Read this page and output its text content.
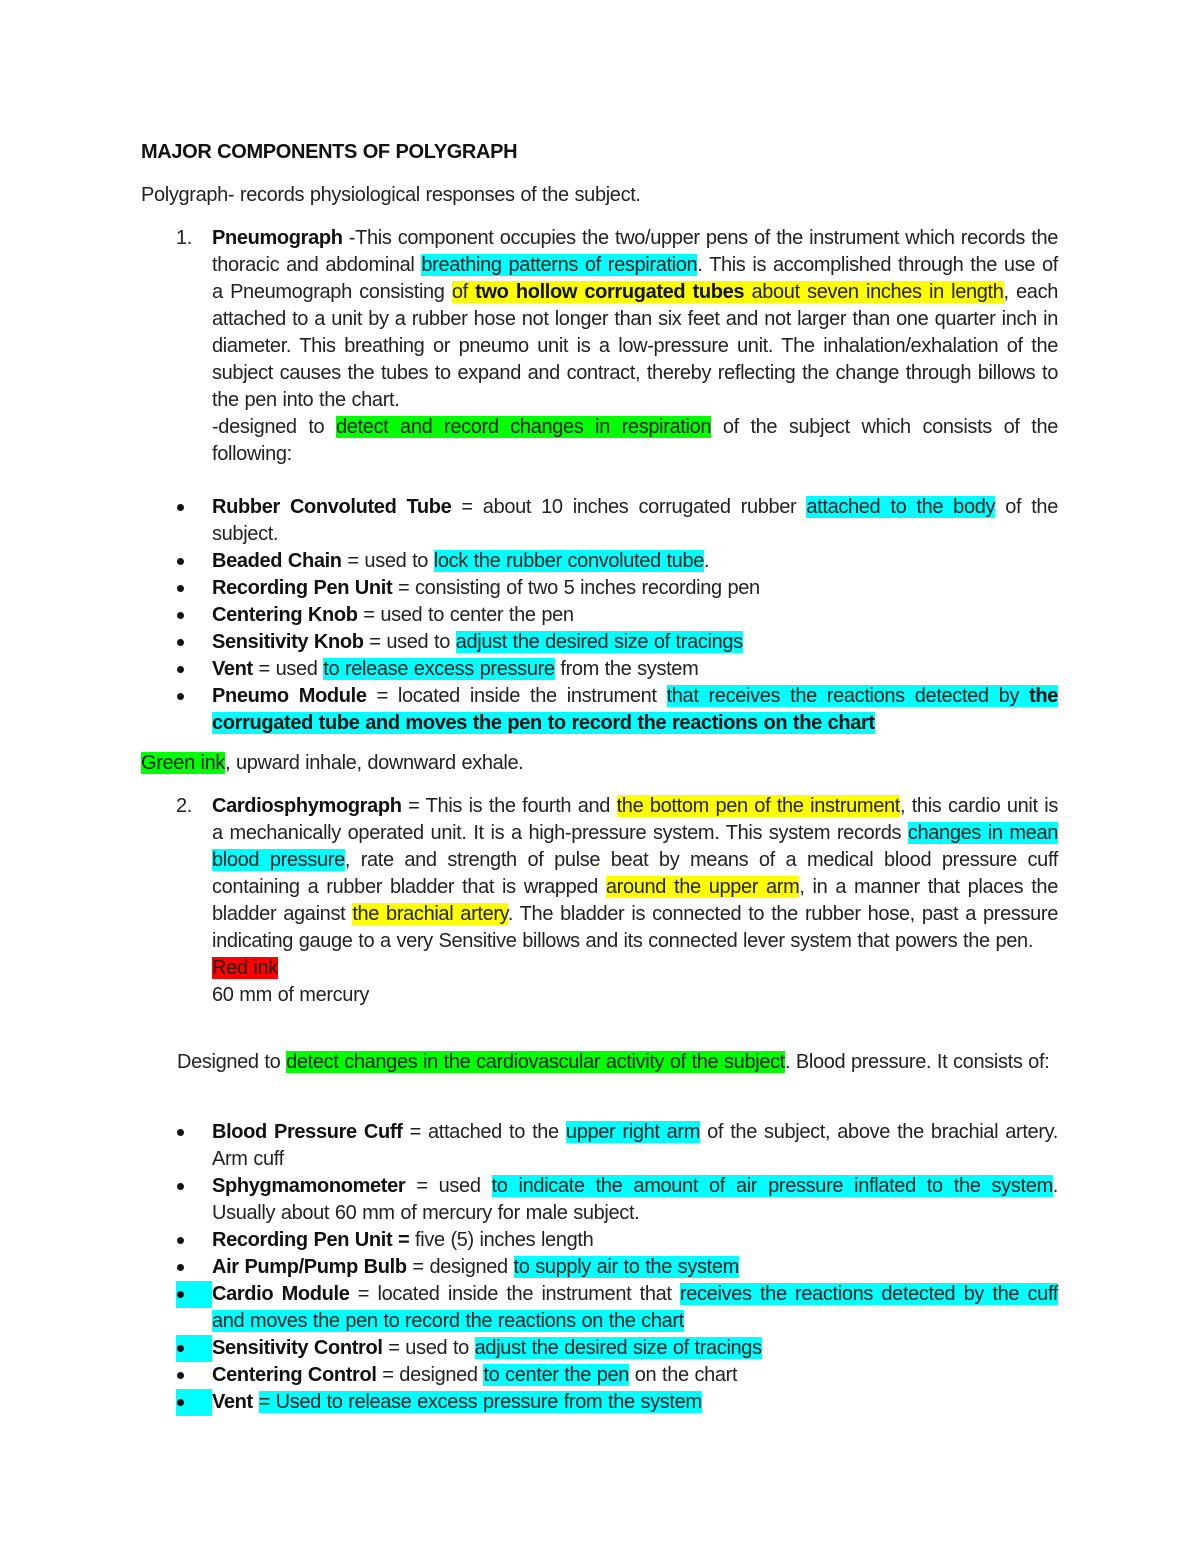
MAJOR COMPONENTS OF POLYGRAPH
Polygraph- records physiological responses of the subject.
1. Pneumograph -This component occupies the two/upper pens of the instrument which records the thoracic and abdominal breathing patterns of respiration. This is accomplished through the use of a Pneumograph consisting of two hollow corrugated tubes about seven inches in length, each attached to a unit by a rubber hose not longer than six feet and not larger than one quarter inch in diameter. This breathing or pneumo unit is a low-pressure unit. The inhalation/exhalation of the subject causes the tubes to expand and contract, thereby reflecting the change through billows to the pen into the chart.
-designed to detect and record changes in respiration of the subject which consists of the following:
Rubber Convoluted Tube = about 10 inches corrugated rubber attached to the body of the subject.
Beaded Chain = used to lock the rubber convoluted tube.
Recording Pen Unit = consisting of two 5 inches recording pen
Centering Knob = used to center the pen
Sensitivity Knob = used to adjust the desired size of tracings
Vent = used to release excess pressure from the system
Pneumo Module = located inside the instrument that receives the reactions detected by the corrugated tube and moves the pen to record the reactions on the chart
Green ink, upward inhale, downward exhale.
2. Cardiosphymograph = This is the fourth and the bottom pen of the instrument, this cardio unit is a mechanically operated unit. It is a high-pressure system. This system records changes in mean blood pressure, rate and strength of pulse beat by means of a medical blood pressure cuff containing a rubber bladder that is wrapped around the upper arm, in a manner that places the bladder against the brachial artery. The bladder is connected to the rubber hose, past a pressure indicating gauge to a very Sensitive billows and its connected lever system that powers the pen.
Red ink
60 mm of mercury
Designed to detect changes in the cardiovascular activity of the subject. Blood pressure. It consists of:
Blood Pressure Cuff = attached to the upper right arm of the subject, above the brachial artery. Arm cuff
Sphygmamonometer = used to indicate the amount of air pressure inflated to the system. Usually about 60 mm of mercury for male subject.
Recording Pen Unit = five (5) inches length
Air Pump/Pump Bulb = designed to supply air to the system
Cardio Module = located inside the instrument that receives the reactions detected by the cuff and moves the pen to record the reactions on the chart
Sensitivity Control = used to adjust the desired size of tracings
Centering Control = designed to center the pen on the chart
Vent = Used to release excess pressure from the system
